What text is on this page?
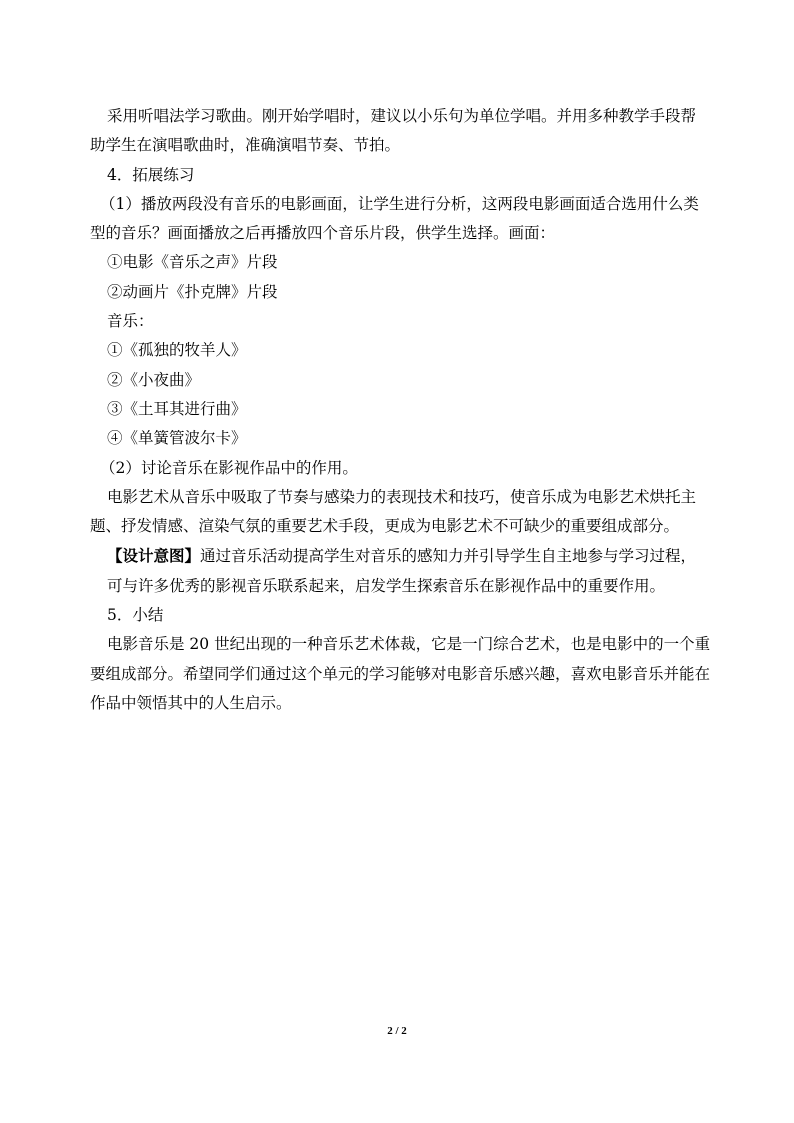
采用听唱法学习歌曲。刚开始学唱时，建议以小乐句为单位学唱。并用多种教学手段帮

助学生在演唱歌曲时，准确演唱节奏、节拍。

4．拓展练习

（1）播放两段没有音乐的电影画面，让学生进行分析，这两段电影画面适合选用什么类

型的音乐？画面播放之后再播放四个音乐片段，供学生选择。画面：

①电影《音乐之声》片段

②动画片《扑克牌》片段

音乐：

①《孤独的牧羊人》

②《小夜曲》

③《土耳其进行曲》

④《单簧管波尔卡》

（2）讨论音乐在影视作品中的作用。

电影艺术从音乐中吸取了节奏与感染力的表现技术和技巧，使音乐成为电影艺术烘托主

题、抒发情感、渲染气氛的重要艺术手段，更成为电影艺术不可缺少的重要组成部分。

【设计意图】通过音乐活动提高学生对音乐的感知力并引导学生自主地参与学习过程，

可与许多优秀的影视音乐联系起来，启发学生探索音乐在影视作品中的重要作用。

5．小结

电影音乐是 20 世纪出现的一种音乐艺术体裁，它是一门综合艺术，也是电影中的一个重

要组成部分。希望同学们通过这个单元的学习能够对电影音乐感兴趣，喜欢电影音乐并能在

作品中领悟其中的人生启示。

2 / 2
